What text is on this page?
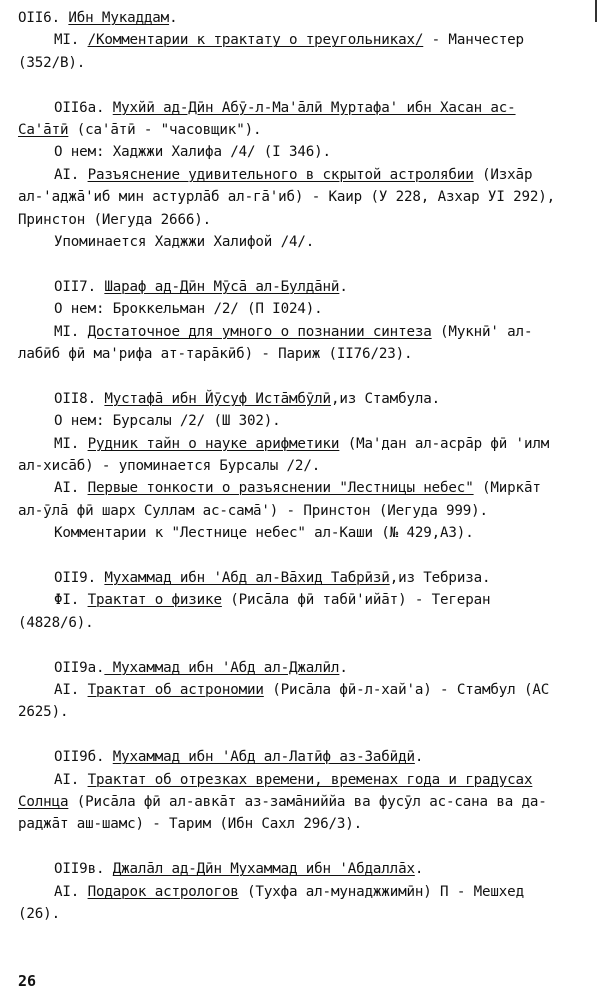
OII6. Ибн Мукаддам.
MI. /Комментарии к трактату о треугольниках/ - Манчестер
(352/B).
OII6a. Мухйӣ ад-Дӣн Абӯ-л-Ма'āлӣ Муртафа' ибн Хасан ас-
Са'āтӣ (са'āтӣ - "часовщик").
О нем: Хаджжи Халифа /4/ (I 346).
AI. Разъяснение удивительного в скрытой астролябии (Изхāр
ал-'аджā'иб мин астурлāб ал-гā'иб) - Каир (У 228, Азхар УI 292),
Принстон (Иегуда 2666).
Упоминается Хаджжи Халифой /4/.
OII7. Шараф ад-Дӣн Мӯсā ал-Булдāнӣ.
О нем: Броккельман /2/ (П I024).
MI. Достаточное для умного о познании синтеза (Мукнӣ' ал-
лабӣб фӣ ма'рифа ат-тарāкӣб) - Париж (II76/23).
OII8. Мустафā ибн Йӯсуф Истāмбӯлӣ,из Стамбула.
О нем: Бурсалы /2/ (Ш 302).
MI. Рудник тайн о науке арифметики (Ма'дан ал-асрāр фӣ 'илм
ал-хисāб) - упоминается Бурсалы /2/.
AI. Первые тонкости о разъяснении "Лестницы небес" (Миркāт
ал-ӯлā фӣ шарх Суллам ас-самā') - Принстон (Иегуда 999).
Комментарии к "Лестнице небес" ал-Каши (№ 429,A3).
OII9. Мухаммад ибн 'Абд ал-Вāхид Табрӣзӣ,из Тебриза.
ΦI. Трактат о физике (Рисāла фӣ табӣ'ийāт) - Тегеран
(4828/6).
OII9a. Мухаммад ибн 'Абд ал-Джалӣл.
AI. Трактат об астрономии (Рисāла фӣ-л-хай'а) - Стамбул (AC
2625).
OII9б. Мухаммад ибн 'Абд ал-Латӣф аз-Забӣдӣ.
AI. Трактат об отрезках времени, временах года и градусах
Солнца (Рисāла фӣ ал-авкāт аз-замāниййа ва фусӯл ас-сана ва да-
раджāт аш-шамс) - Тарим (Ибн Сахл 296/3).
OII9в. Джалāл ад-Дӣн Мухаммад ибн 'Абдаллāх.
AI. Подарок астрологов (Тухфа ал-мунаджжимӣн) П - Мешхед
(26).
26
